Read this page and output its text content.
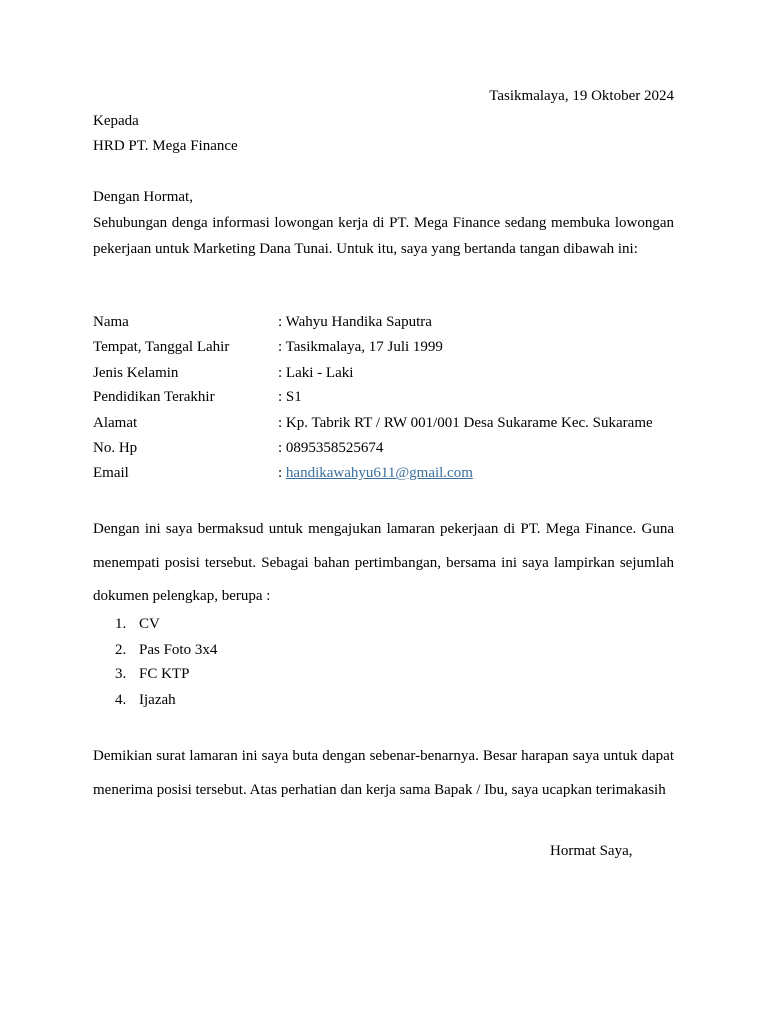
Tasikmalaya, 19 Oktober 2024
Kepada
HRD PT. Mega Finance
Dengan Hormat,
Sehubungan denga informasi lowongan kerja di PT. Mega Finance sedang membuka lowongan pekerjaan untuk Marketing Dana Tunai. Untuk itu, saya yang bertanda tangan dibawah ini:
Nama	: Wahyu Handika Saputra
Tempat, Tanggal Lahir	: Tasikmalaya, 17 Juli 1999
Jenis Kelamin	: Laki - Laki
Pendidikan Terakhir	: S1
Alamat	: Kp. Tabrik RT / RW 001/001 Desa Sukarame Kec. Sukarame
No. Hp	: 0895358525674
Email	: handikawahyu611@gmail.com
Dengan ini saya bermaksud untuk mengajukan lamaran pekerjaan di PT. Mega Finance. Guna menempati posisi tersebut. Sebagai bahan pertimbangan, bersama ini saya lampirkan sejumlah dokumen pelengkap, berupa :
1. CV
2. Pas Foto 3x4
3. FC KTP
4. Ijazah
Demikian surat lamaran ini saya buta dengan sebenar-benarnya. Besar harapan saya untuk dapat menerima posisi tersebut. Atas perhatian dan kerja sama Bapak / Ibu, saya ucapkan terimakasih
Hormat Saya,
